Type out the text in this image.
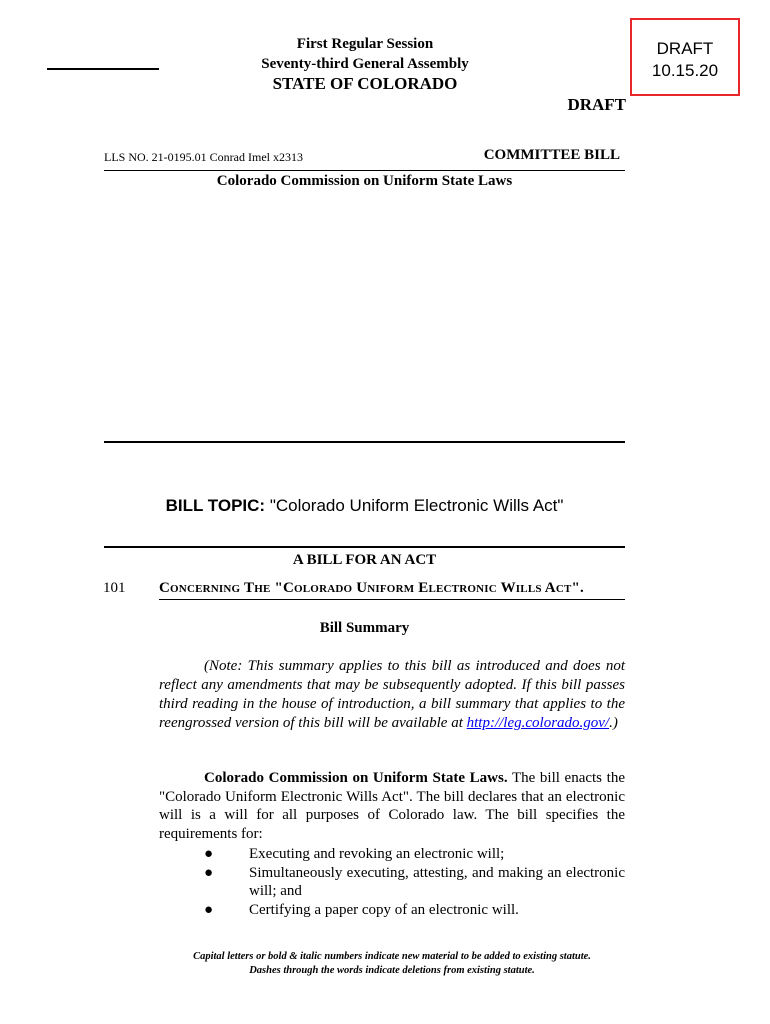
DRAFT
10.15.20
First Regular Session
Seventy-third General Assembly
STATE OF COLORADO
DRAFT
LLS NO. 21-0195.01 Conrad Imel x2313	COMMITTEE BILL
Colorado Commission on Uniform State Laws
BILL TOPIC: "Colorado Uniform Electronic Wills Act"
A BILL FOR AN ACT
101 CONCERNING THE "COLORADO UNIFORM ELECTRONIC WILLS ACT".
Bill Summary
(Note: This summary applies to this bill as introduced and does not reflect any amendments that may be subsequently adopted. If this bill passes third reading in the house of introduction, a bill summary that applies to the reengrossed version of this bill will be available at http://leg.colorado.gov/.)
Colorado Commission on Uniform State Laws. The bill enacts the "Colorado Uniform Electronic Wills Act". The bill declares that an electronic will is a will for all purposes of Colorado law. The bill specifies the requirements for:
●	Executing and revoking an electronic will;
●	Simultaneously executing, attesting, and making an electronic will; and
●	Certifying a paper copy of an electronic will.
Capital letters or bold & italic numbers indicate new material to be added to existing statute.
Dashes through the words indicate deletions from existing statute.
